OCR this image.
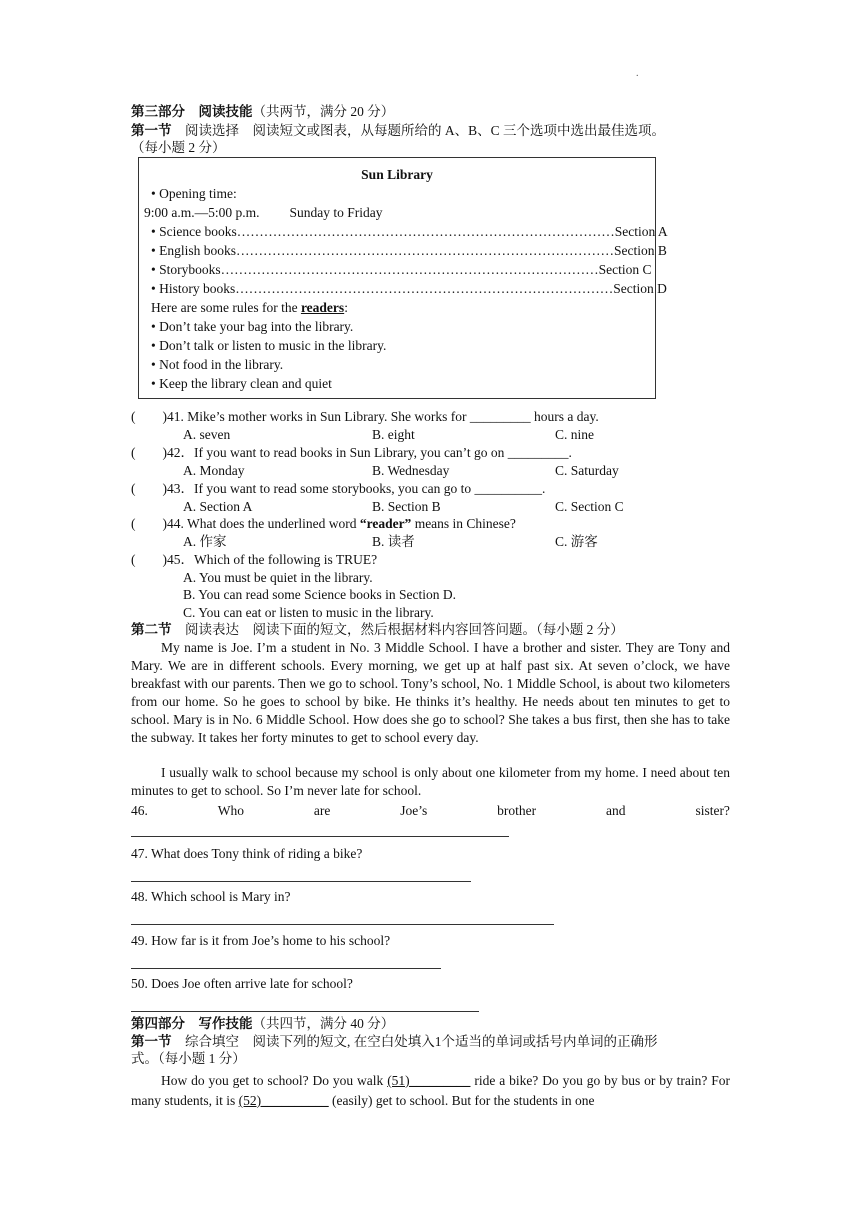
.
第三部分　阅读技能（共两节，满分 20 分）
第一节　阅读选择　阅读短文或图表，从每题所给的 A、B、C 三个选项中选出最佳选项。
（每小题 2 分）
Sun Library
• Opening time:
9:00 a.m.—5:00 p.m. Sunday to Friday
• Science books ………………………………………………………………………… Section A
• English books ………………………………………………………………………… Section B
• Storybooks ………………………………………………………………………… Section C
• History books ………………………………………………………………………… Section D
Here are some rules for the readers:
• Don’t take your bag into the library.
• Don’t talk or listen to music in the library.
• Not food in the library.
• Keep the library clean and quiet
(　　)41. Mike’s mother works in Sun Library. She works for _________ hours a day.
A. seven	B. eight	C. nine
(　　)42．If you want to read books in Sun Library, you can’t go on _________.
A. Monday	B. Wednesday	C. Saturday
(　　)43．If you want to read some storybooks, you can go to __________.
A. Section A	B. Section B	C. Section C
(　　)44. What does the underlined word “reader” means in Chinese?
A. 作家	B. 读者	C. 游客
(　　)45．Which of the following is TRUE?
A. You must be quiet in the library.
B. You can read some Science books in Section D.
C. You can eat or listen to music in the library.
第二节　阅读表达　阅读下面的短文，然后根据材料内容回答问题。（每小题 2 分）
My name is Joe. I’m a student in No. 3 Middle School. I have a brother and sister. They are Tony and Mary. We are in different schools. Every morning, we get up at half past six. At seven o’clock, we have breakfast with our parents. Then we go to school. Tony’s school, No. 1 Middle School, is about two kilometers from our home. So he goes to school by bike. He thinks it’s healthy. He needs about ten minutes to get to school. Mary is in No. 6 Middle School. How does she go to school? She takes a bus first, then she has to take the subway. It takes her forty minutes to get to school every day.
I usually walk to school because my school is only about one kilometer from my home. I need about ten minutes to get to school. So I’m never late for school.
46.	Who	are	Joe’s	brother	and	sister?
47. What does Tony think of riding a bike?
48. Which school is Mary in?
49. How far is it from Joe’s home to his school?
50. Does Joe often arrive late for school?
第四部分　写作技能（共四节，满分 40 分）
第一节　综合填空　阅读下列的短文, 在空白处填入1个适当的单词或括号内单词的正确形
式。（每小题 1 分）
How do you get to school? Do you walk (51)_________ ride a bike? Do you go by bus or by train? For many students, it is (52)__________ (easily) get to school. But for the students in one
